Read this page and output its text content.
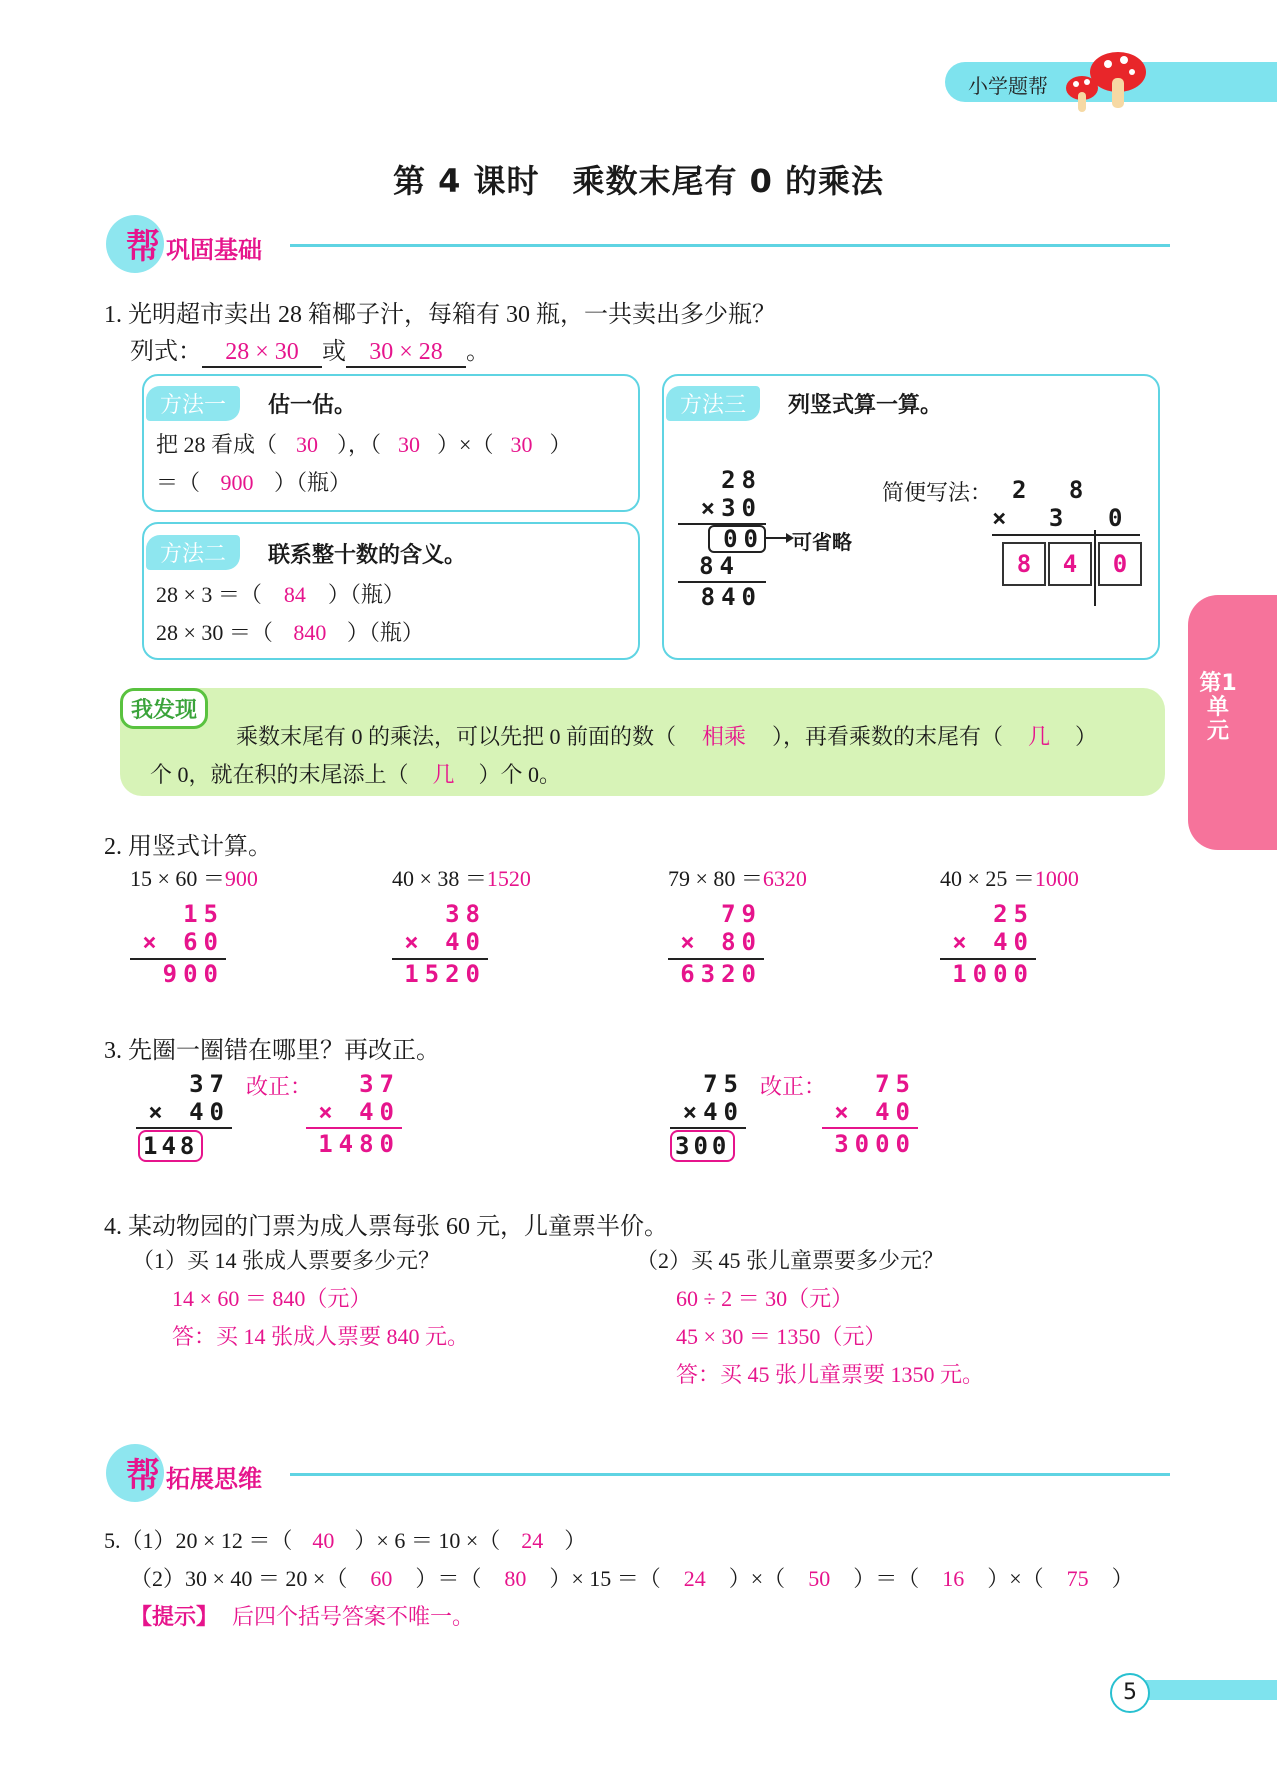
小学题帮
第 4 课时　乘数末尾有 0 的乘法
帮 巩固基础
1. 光明超市卖出 28 箱椰子汁，每箱有 30 瓶，一共卖出多少瓶？
列式： 28 × 30 或 30 × 28 。
方法一	估一估。
把 28 看成（ 30 ），（ 30 ）×（ 30 ）
＝（ 900 ）（瓶）
方法二	联系整十数的含义。
28 × 3 ＝（ 84 ）（瓶）
28 × 30 ＝（ 840 ）（瓶）
方法三	列竖式算一算。
28
×30
00 可省略
84
840
简便写法： 2 8
× 3 0
8	4	0
第1单元
我发现
乘数末尾有 0 的乘法，可以先把 0 前面的数（ 相乘 ），再看乘数的末尾有（ 几 ）
个 0，就在积的末尾添上（ 几 ）个 0。
2. 用竖式计算。
15 × 60 ＝900
15
× 60
900
40 × 38 ＝1520
38
× 40
1520
79 × 80 ＝6320
79
× 80
6320
40 × 25 ＝1000
25
× 40
1000
3. 先圈一圈错在哪里？再改正。
37
× 40
148
改正：	37
× 40
1480
75
×40
300
改正：	75
× 40
3000
4. 某动物园的门票为成人票每张 60 元，儿童票半价。
（1）买 14 张成人票要多少元？
14 × 60 ＝ 840（元）
答：买 14 张成人票要 840 元。
（2）买 45 张儿童票要多少元？
60 ÷ 2 ＝ 30（元）
45 × 30 ＝ 1350（元）
答：买 45 张儿童票要 1350 元。
帮 拓展思维
5.（1）20 × 12 ＝（ 40 ）× 6 ＝ 10 ×（ 24 ）
（2）30 × 40 ＝ 20 ×（ 60 ）＝（ 80 ）× 15 ＝（ 24 ）×（ 50 ）＝（ 16 ）×（ 75 ）
【提示】 后四个括号答案不唯一。
5
